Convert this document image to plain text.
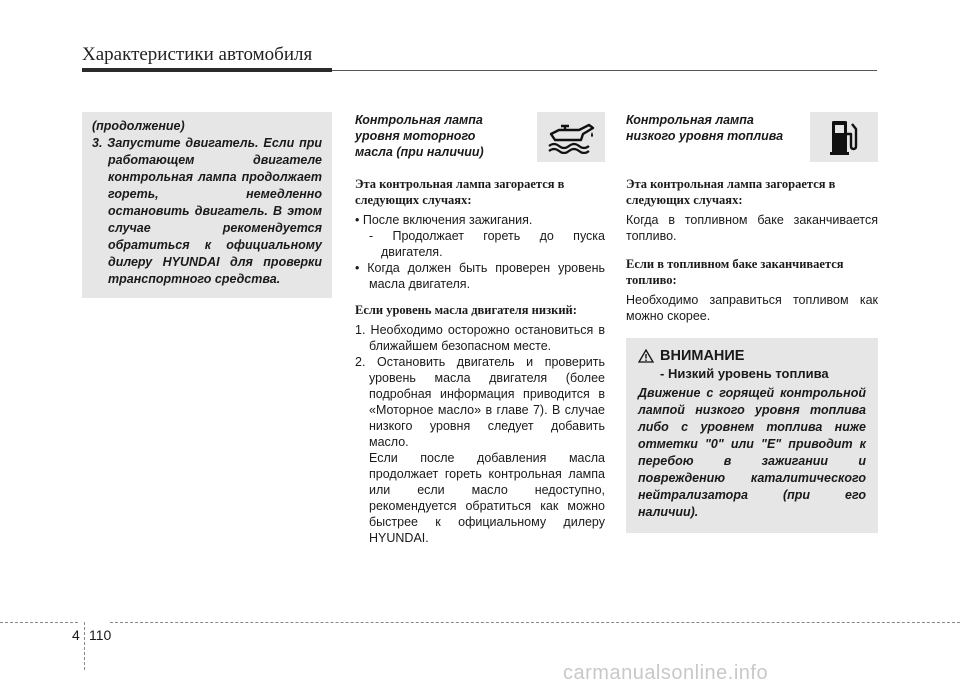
Характеристики автомобиля
(продолжение)
3. Запустите двигатель. Если при работающем двигателе контрольная лампа продолжает гореть, немедленно остановить двигатель. В этом случае рекомендуется обратиться к официальному дилеру HYUNDAI для проверки транспортного средства.
Контрольная лампа уровня моторного масла (при наличии)
Эта контрольная лампа загорается в следующих случаях:
• После включения зажигания.
- Продолжает гореть до пуска двигателя.
• Когда должен быть проверен уровень масла двигателя.
Если уровень масла двигателя низкий:
1. Необходимо осторожно остановиться в ближайшем безопасном месте.
2. Остановить двигатель и проверить уровень масла двигателя (более подробная информация приводится в «Моторное масло» в главе 7). В случае низкого уровня следует добавить масло.
Если после добавления масла продолжает гореть контрольная лампа или если масло недоступно, рекомендуется обратиться как можно быстрее к официальному дилеру HYUNDAI.
Контрольная лампа низкого уровня топлива
Эта контрольная лампа загорается в следующих случаях:
Когда в топливном баке заканчивается топливо.
Если в топливном баке заканчивается топливо:
Необходимо заправиться топливом как можно скорее.
ВНИМАНИЕ
- Низкий уровень топлива
Движение с горящей контрольной лампой низкого уровня топлива либо с уровнем топлива ниже отметки "0" или "E" приводит к перебою в зажигании и повреждению каталитического нейтрализатора (при его наличии).
4 110
carmanualsonline.info
